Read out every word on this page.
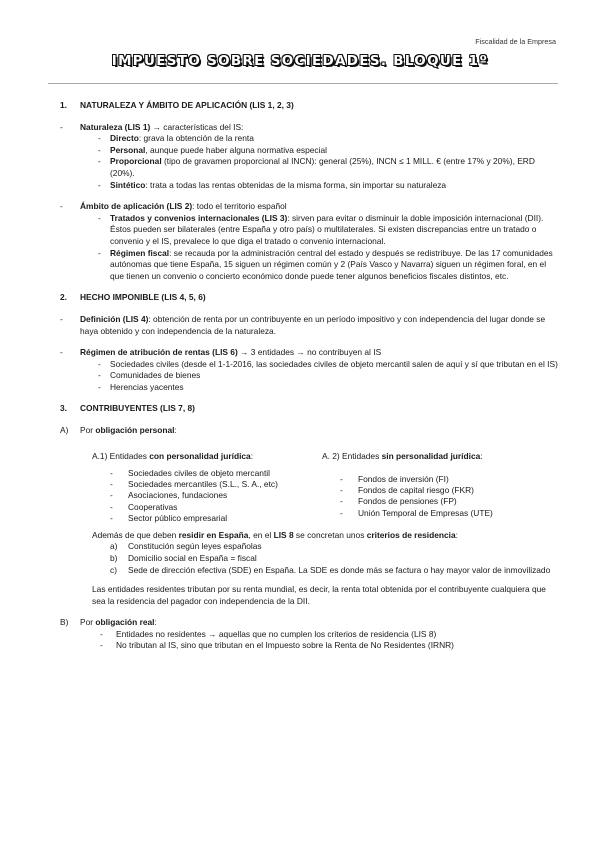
Fiscalidad de la Empresa
IMPUESTO SOBRE SOCIEDADES. BLOQUE 1º
1. NATURALEZA Y ÁMBITO DE APLICACIÓN (LIS 1, 2, 3)
- Naturaleza (LIS 1) → características del IS:
- Directo: grava la obtención de la renta
- Personal, aunque puede haber alguna normativa especial
- Proporcional (tipo de gravamen proporcional al INCN): general (25%), INCN ≤ 1 MILL. € (entre 17% y 20%), ERD (20%).
- Sintético: trata a todas las rentas obtenidas de la misma forma, sin importar su naturaleza
- Ámbito de aplicación (LIS 2): todo el territorio español
- Tratados y convenios internacionales (LIS 3): sirven para evitar o disminuir la doble imposición internacional (DII). Éstos pueden ser bilaterales (entre España y otro país) o multilaterales. Si existen discrepancias entre un tratado o convenio y el IS, prevalece lo que diga el tratado o convenio internacional.
- Régimen fiscal: se recauda por la administración central del estado y después se redistribuye. De las 17 comunidades autónomas que tiene España, 15 siguen un régimen común y 2 (País Vasco y Navarra) siguen un régimen foral, en el que tienen un convenio o concierto económico donde puede tener algunos beneficios fiscales distintos, etc.
2. HECHO IMPONIBLE (LIS 4, 5, 6)
- Definición (LIS 4): obtención de renta por un contribuyente en un período impositivo y con independencia del lugar donde se haya obtenido y con independencia de la naturaleza.
- Régimen de atribución de rentas (LIS 6) → 3 entidades → no contribuyen al IS
- Sociedades civiles (desde el 1-1-2016, las sociedades civiles de objeto mercantil salen de aquí y sí que tributan en el IS)
- Comunidades de bienes
- Herencias yacentes
3. CONTRIBUYENTES (LIS 7, 8)
A) Por obligación personal:
A.1) Entidades con personalidad jurídica:
- Sociedades civiles de objeto mercantil
- Sociedades mercantiles (S.L., S. A., etc)
- Asociaciones, fundaciones
- Cooperativas
- Sector público empresarial
A. 2) Entidades sin personalidad jurídica:
- Fondos de inversión (FI)
- Fondos de capital riesgo (FKR)
- Fondos de pensiones (FP)
- Unión Temporal de Empresas (UTE)
Además de que deben residir en España, en el LIS 8 se concretan unos criterios de residencia:
a) Constitución según leyes españolas
b) Domicilio social en España = fiscal
c) Sede de dirección efectiva (SDE) en España. La SDE es donde más se factura o hay mayor valor de inmovilizado
Las entidades residentes tributan por su renta mundial, es decir, la renta total obtenida por el contribuyente cualquiera que sea la residencia del pagador con independencia de la DII.
B) Por obligación real:
- Entidades no residentes → aquellas que no cumplen los criterios de residencia (LIS 8)
- No tributan al IS, sino que tributan en el Impuesto sobre la Renta de No Residentes (IRNR)
